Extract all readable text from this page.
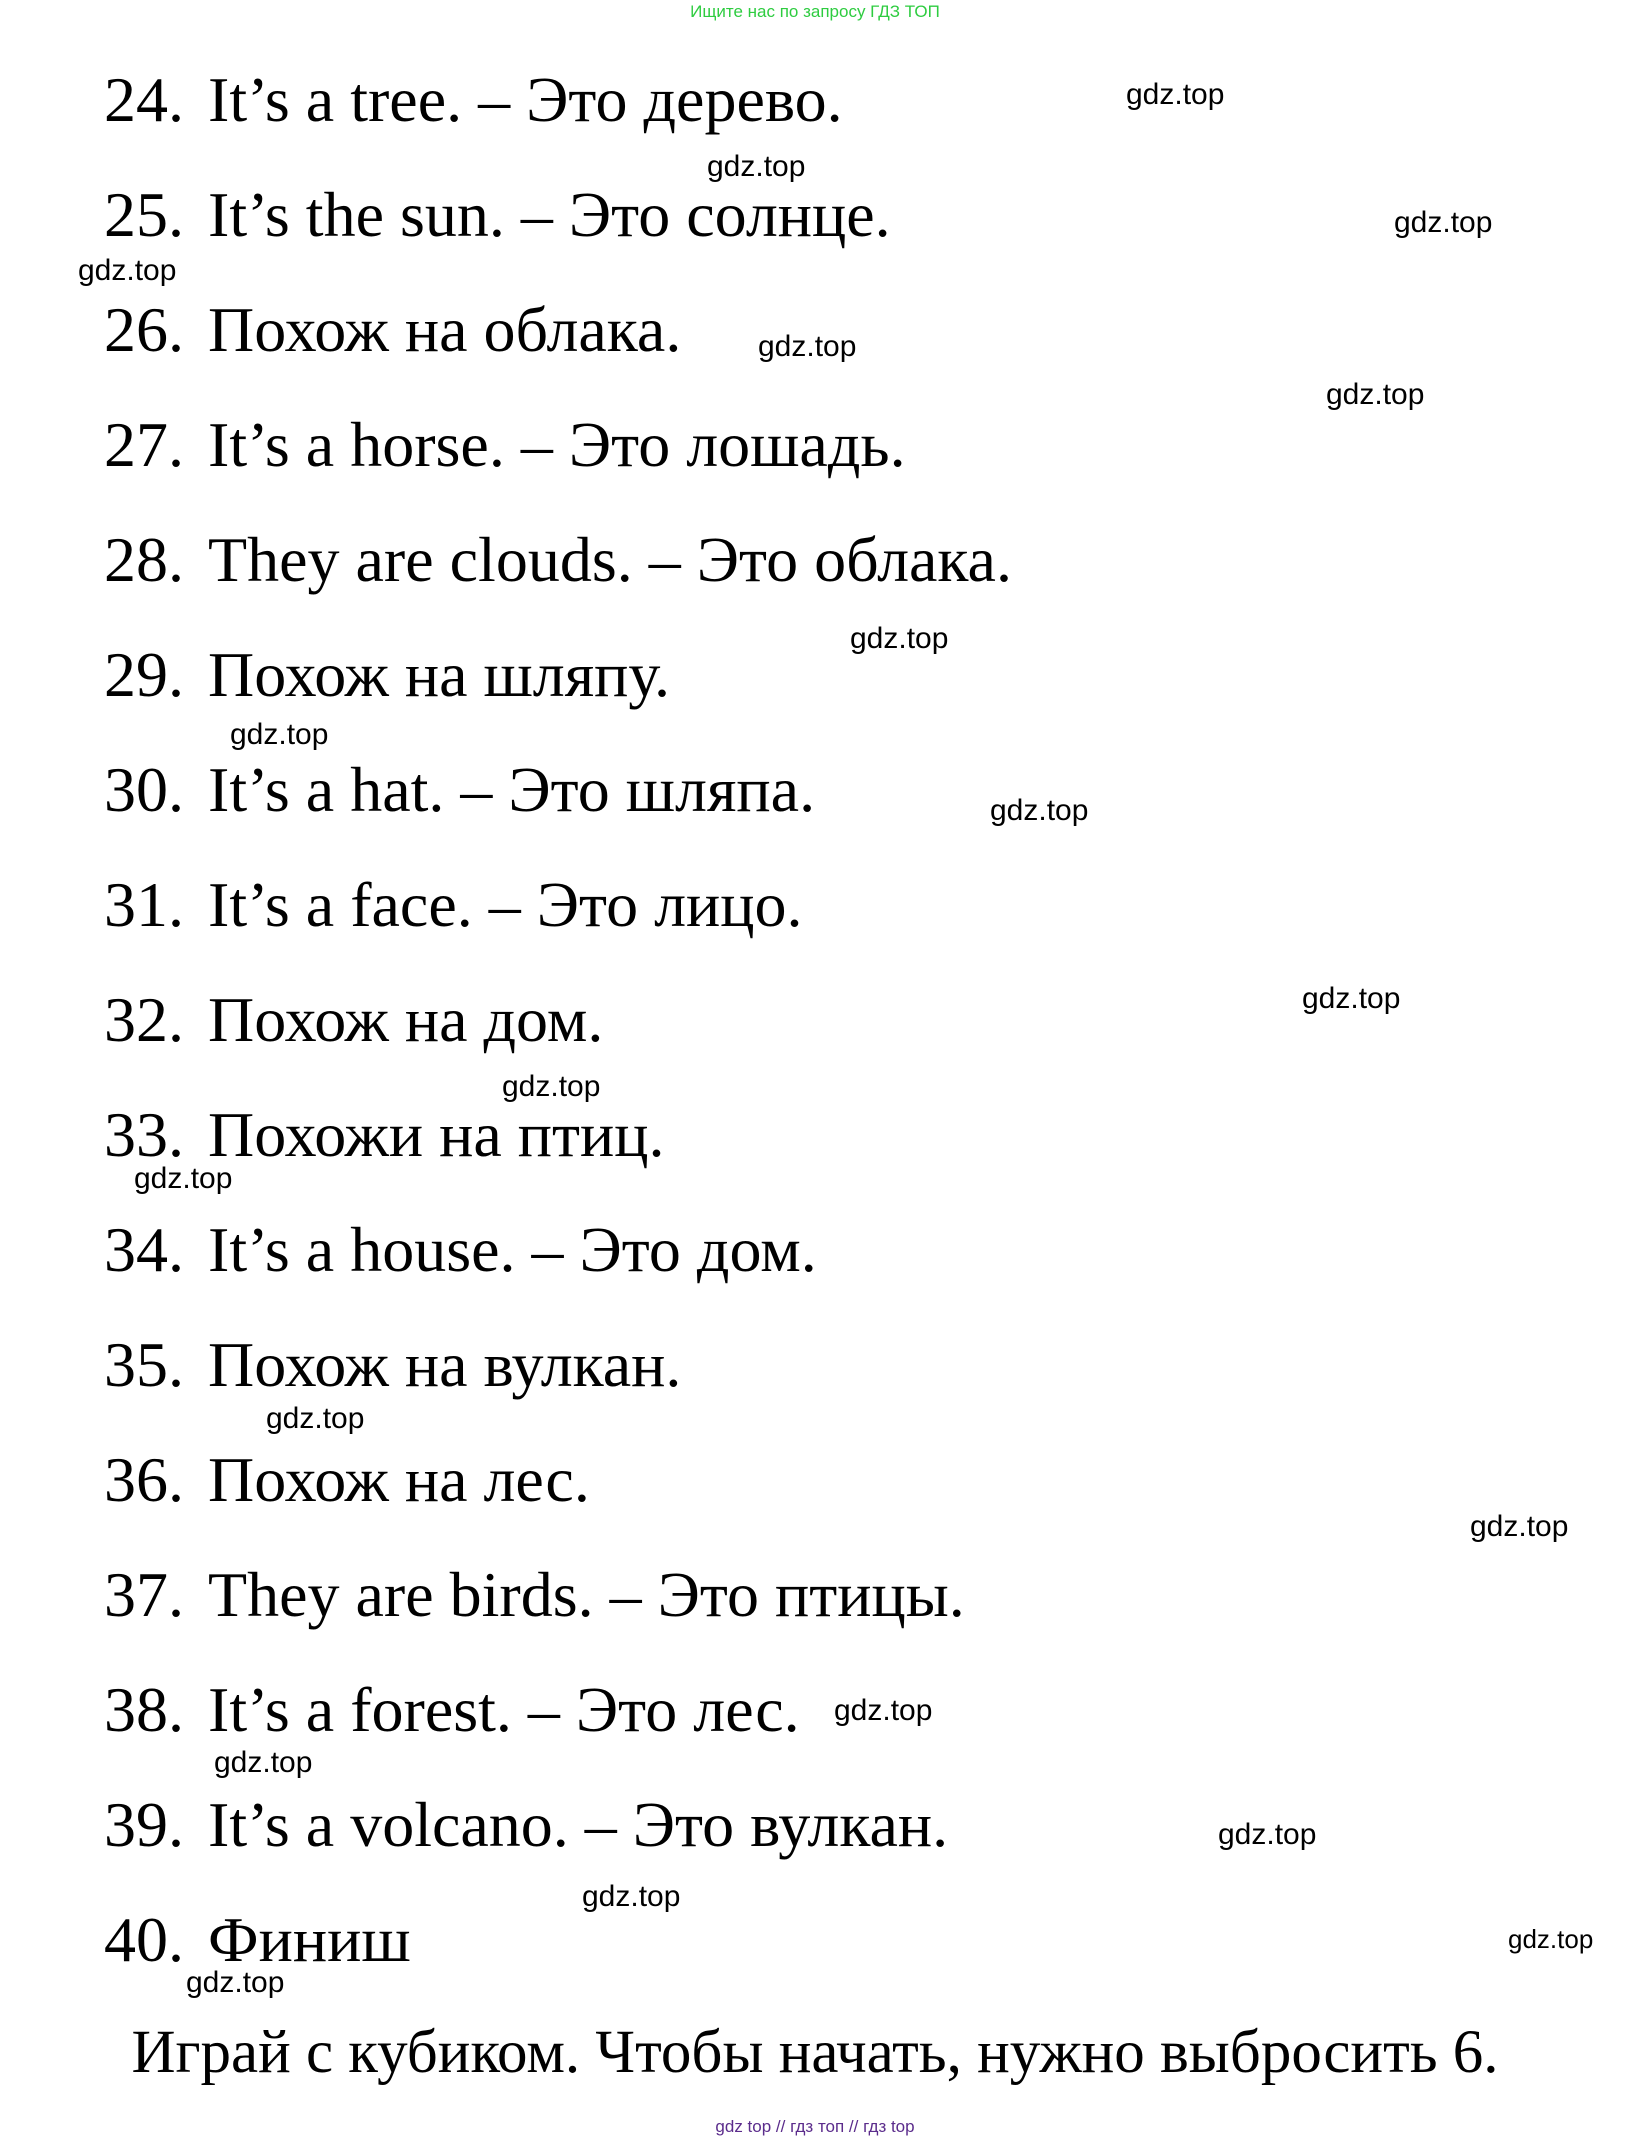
Ищите нас по запросу ГДЗ ТОП
24. It’s a tree. – Это дерево.
25. It’s the sun. – Это солнце.
26. Похож на облака.
27. It’s a horse. – Это лошадь.
28. They are clouds. – Это облака.
29. Похож на шляпу.
30. It’s a hat. – Это шляпа.
31. It’s a face. – Это лицо.
32. Похож на дом.
33. Похожи на птиц.
34. It’s a house. – Это дом.
35. Похож на вулкан.
36. Похож на лес.
37. They are birds. – Это птицы.
38. It’s a forest. – Это лес.
39. It’s a volcano. – Это вулкан.
40. Финиш
Играй с кубиком. Чтобы начать, нужно выбросить 6.
gdz.top
gdz.top
gdz.top
gdz.top
gdz.top
gdz.top
gdz.top
gdz.top
gdz.top
gdz.top
gdz.top
gdz.top
gdz.top
gdz.top
gdz.top
gdz.top
gdz.top
gdz.top
gdz.top
gdz.top
gdz top // гдз топ // гдз top
